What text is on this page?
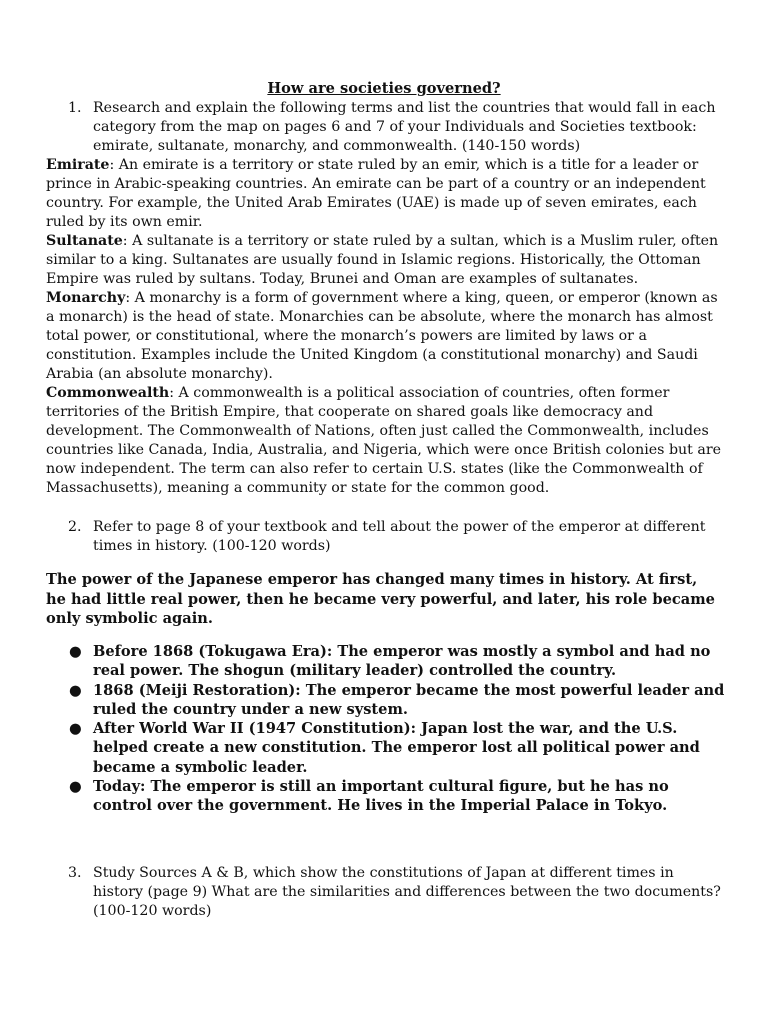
How are societies governed?
1. Research and explain the following terms and list the countries that would fall in each category from the map on pages 6 and 7 of your Individuals and Societies textbook: emirate, sultanate, monarchy, and commonwealth. (140-150 words)

Emirate: An emirate is a territory or state ruled by an emir, which is a title for a leader or prince in Arabic-speaking countries. An emirate can be part of a country or an independent country. For example, the United Arab Emirates (UAE) is made up of seven emirates, each ruled by its own emir.

Sultanate: A sultanate is a territory or state ruled by a sultan, which is a Muslim ruler, often similar to a king. Sultanates are usually found in Islamic regions. Historically, the Ottoman Empire was ruled by sultans. Today, Brunei and Oman are examples of sultanates.

Monarchy: A monarchy is a form of government where a king, queen, or emperor (known as a monarch) is the head of state. Monarchies can be absolute, where the monarch has almost total power, or constitutional, where the monarch’s powers are limited by laws or a constitution. Examples include the United Kingdom (a constitutional monarchy) and Saudi Arabia (an absolute monarchy).

Commonwealth: A commonwealth is a political association of countries, often former territories of the British Empire, that cooperate on shared goals like democracy and development. The Commonwealth of Nations, often just called the Commonwealth, includes countries like Canada, India, Australia, and Nigeria, which were once British colonies but are now independent. The term can also refer to certain U.S. states (like the Commonwealth of Massachusetts), meaning a community or state for the common good.

2. Refer to page 8 of your textbook and tell about the power of the emperor at different times in history. (100-120 words)

The power of the Japanese emperor has changed many times in history. At first, he had little real power, then he became very powerful, and later, his role became only symbolic again.

● Before 1868 (Tokugawa Era): The emperor was mostly a symbol and had no real power. The shogun (military leader) controlled the country.
● 1868 (Meiji Restoration): The emperor became the most powerful leader and ruled the country under a new system.
● After World War II (1947 Constitution): Japan lost the war, and the U.S. helped create a new constitution. The emperor lost all political power and became a symbolic leader.
● Today: The emperor is still an important cultural figure, but he has no control over the government. He lives in the Imperial Palace in Tokyo.
3. Study Sources A & B, which show the constitutions of Japan at different times in history (page 9) What are the similarities and differences between the two documents? (100-120 words)
